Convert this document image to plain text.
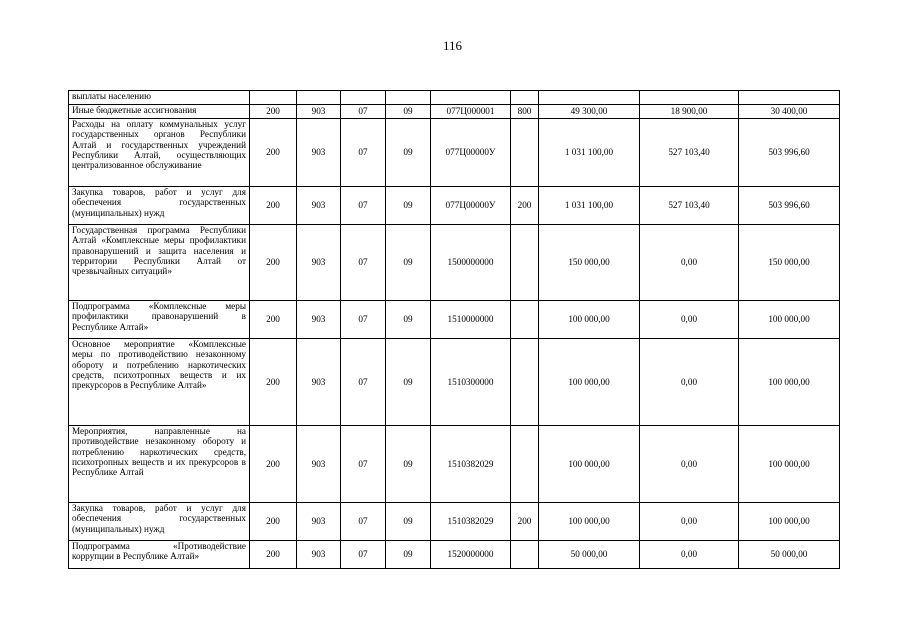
116
выплаты населению									
Иные бюджетные ассигнования	200	903	07	09	077Ц000001	800	49 300,00	18 900,00	30 400,00
Расходы на оплату коммунальных услуг государственных органов Республики Алтай и государственных учреждений Республики Алтай, осуществляющих централизованное обслуживание	200	903	07	09	077Ц00000У		1 031 100,00	527 103,40	503 996,60
Закупка товаров, работ и услуг для обеспечения государственных (муниципальных) нужд	200	903	07	09	077Ц00000У	200	1 031 100,00	527 103,40	503 996,60
Государственная программа Республики Алтай «Комплексные меры профилактики правонарушений и защита населения и территории Республики Алтай от чрезвычайных ситуаций»	200	903	07	09	1500000000		150 000,00	0,00	150 000,00
Подпрограмма «Комплексные меры профилактики правонарушений в Республике Алтай»	200	903	07	09	1510000000		100 000,00	0,00	100 000,00
Основное мероприятие «Комплексные меры по противодействию незаконному обороту и потреблению наркотических средств, психотропных веществ и их прекурсоров в Республике Алтай»	200	903	07	09	1510300000		100 000,00	0,00	100 000,00
Мероприятия, направленные на противодействие незаконному обороту и потреблению наркотических средств, психотропных веществ и их прекурсоров в Республике Алтай	200	903	07	09	1510382029		100 000,00	0,00	100 000,00
Закупка товаров, работ и услуг для обеспечения государственных (муниципальных) нужд	200	903	07	09	1510382029	200	100 000,00	0,00	100 000,00
Подпрограмма «Противодействие коррупции в Республике Алтай»	200	903	07	09	1520000000		50 000,00	0,00	50 000,00
